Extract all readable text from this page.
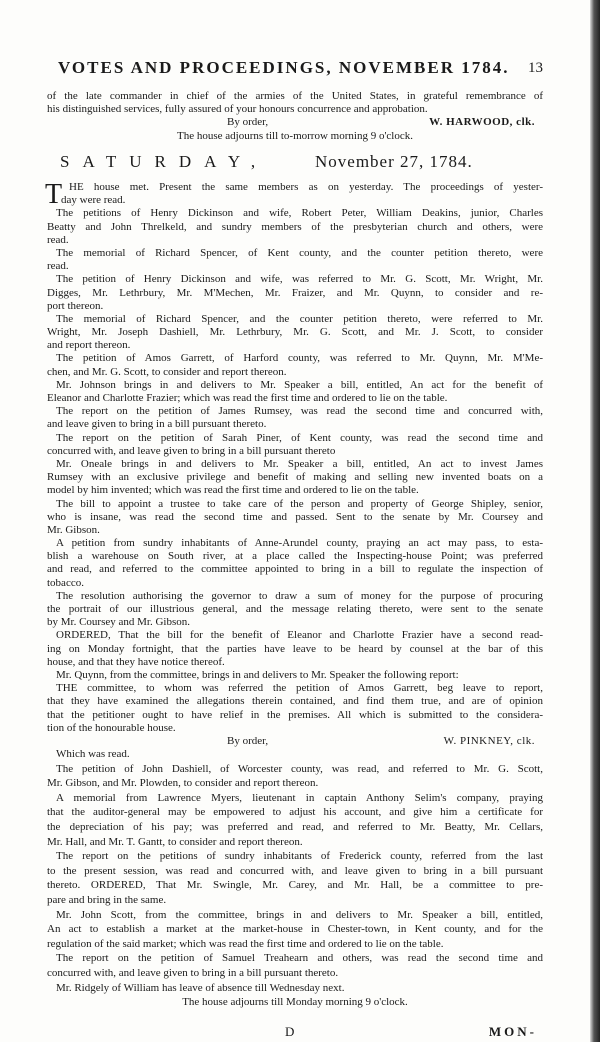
VOTES AND PROCEEDINGS, NOVEMBER 1784. 13
of the late commander in chief of the armies of the United States, in grateful remembrance of
his distinguished services, fully assured of your honours concurrence and approbation.
By order,	W. HARWOOD, clk.
The house adjourns till to-morrow morning 9 o'clock.
SATURDAY,	November 27, 1784.
T HE house met. Present the same members as on yesterday. The proceedings of yester-
day were read.
The petitions of Henry Dickinson and wife, Robert Peter, William Deakins, junior, Charles
Beatty and John Threlkeld, and sundry members of the presbyterian church and others, were
read.
The memorial of Richard Spencer, of Kent county, and the counter petition thereto, were
read.
The petition of Henry Dickinson and wife, was referred to Mr. G. Scott, Mr. Wright, Mr.
Digges, Mr. Lethrbury, Mr. M'Mechen, Mr. Fraizer, and Mr. Quynn, to consider and re-
port thereon.
The memorial of Richard Spencer, and the counter petition thereto, were referred to Mr.
Wright, Mr. Joseph Dashiell, Mr. Lethrbury, Mr. G. Scott, and Mr. J. Scott, to consider
and report thereon.
The petition of Amos Garrett, of Harford county, was referred to Mr. Quynn, Mr. M'Me-
chen, and Mr. G. Scott, to consider and report thereon.
Mr. Johnson brings in and delivers to Mr. Speaker a bill, entitled, An act for the benefit of
Eleanor and Charlotte Frazier; which was read the first time and ordered to lie on the table.
The report on the petition of James Rumsey, was read the second time and concurred with,
and leave given to bring in a bill pursuant thereto.
The report on the petition of Sarah Piner, of Kent county, was read the second time and
concurred with, and leave given to bring in a bill pursuant thereto
Mr. Oneale brings in and delivers to Mr. Speaker a bill, entitled, An act to invest James
Rumsey with an exclusive privilege and benefit of making and selling new invented boats on a
model by him invented; which was read the first time and ordered to lie on the table.
The bill to appoint a trustee to take care of the person and property of George Shipley, senior,
who is insane, was read the second time and passed. Sent to the senate by Mr. Coursey and
Mr. Gibson.
A petition from sundry inhabitants of Anne-Arundel county, praying an act may pass, to esta-
blish a warehouse on South river, at a place called the Inspecting-house Point; was preferred
and read, and referred to the committee appointed to bring in a bill to regulate the inspection of
tobacco.
The resolution authorising the governor to draw a sum of money for the purpose of procuring
the portrait of our illustrious general, and the message relating thereto, were sent to the senate
by Mr. Coursey and Mr. Gibson.
ORDERED, That the bill for the benefit of Eleanor and Charlotte Frazier have a second read-
ing on Monday fortnight, that the parties have leave to be heard by counsel at the bar of this
house, and that they have notice thereof.
Mr. Quynn, from the committee, brings in and delivers to Mr. Speaker the following report:
THE committee, to whom was referred the petition of Amos Garrett, beg leave to report,
that they have examined the allegations therein contained, and find them true, and are of opinion
that the petitioner ought to have relief in the premises. All which is submitted to the considera-
tion of the honourable house.
By order,	W. PINKNEY, clk.
Which was read.
The petition of John Dashiell, of Worcester county, was read, and referred to Mr. G. Scott,
Mr. Gibson, and Mr. Plowden, to consider and report thereon.
A memorial from Lawrence Myers, lieutenant in captain Anthony Selim's company, praying
that the auditor-general may be empowered to adjust his account, and give him a certificate for
the depreciation of his pay; was preferred and read, and referred to Mr. Beatty, Mr. Cellars,
Mr. Hall, and Mr. T. Gantt, to consider and report thereon.
The report on the petitions of sundry inhabitants of Frederick county, referred from the last
to the present session, was read and concurred with, and leave given to bring in a bill pursuant
thereto. ORDERED, That Mr. Swingle, Mr. Carey, and Mr. Hall, be a committee to pre-
pare and bring in the same.
Mr. John Scott, from the committee, brings in and delivers to Mr. Speaker a bill, entitled,
An act to establish a market at the market-house in Chester-town, in Kent county, and for the
regulation of the said market; which was read the first time and ordered to lie on the table.
The report on the petition of Samuel Treahearn and others, was read the second time and
concurred with, and leave given to bring in a bill pursuant thereto.
Mr. Ridgely of William has leave of absence till Wednesday next.
The house adjourns till Monday morning 9 o'clock.
D	MON-
